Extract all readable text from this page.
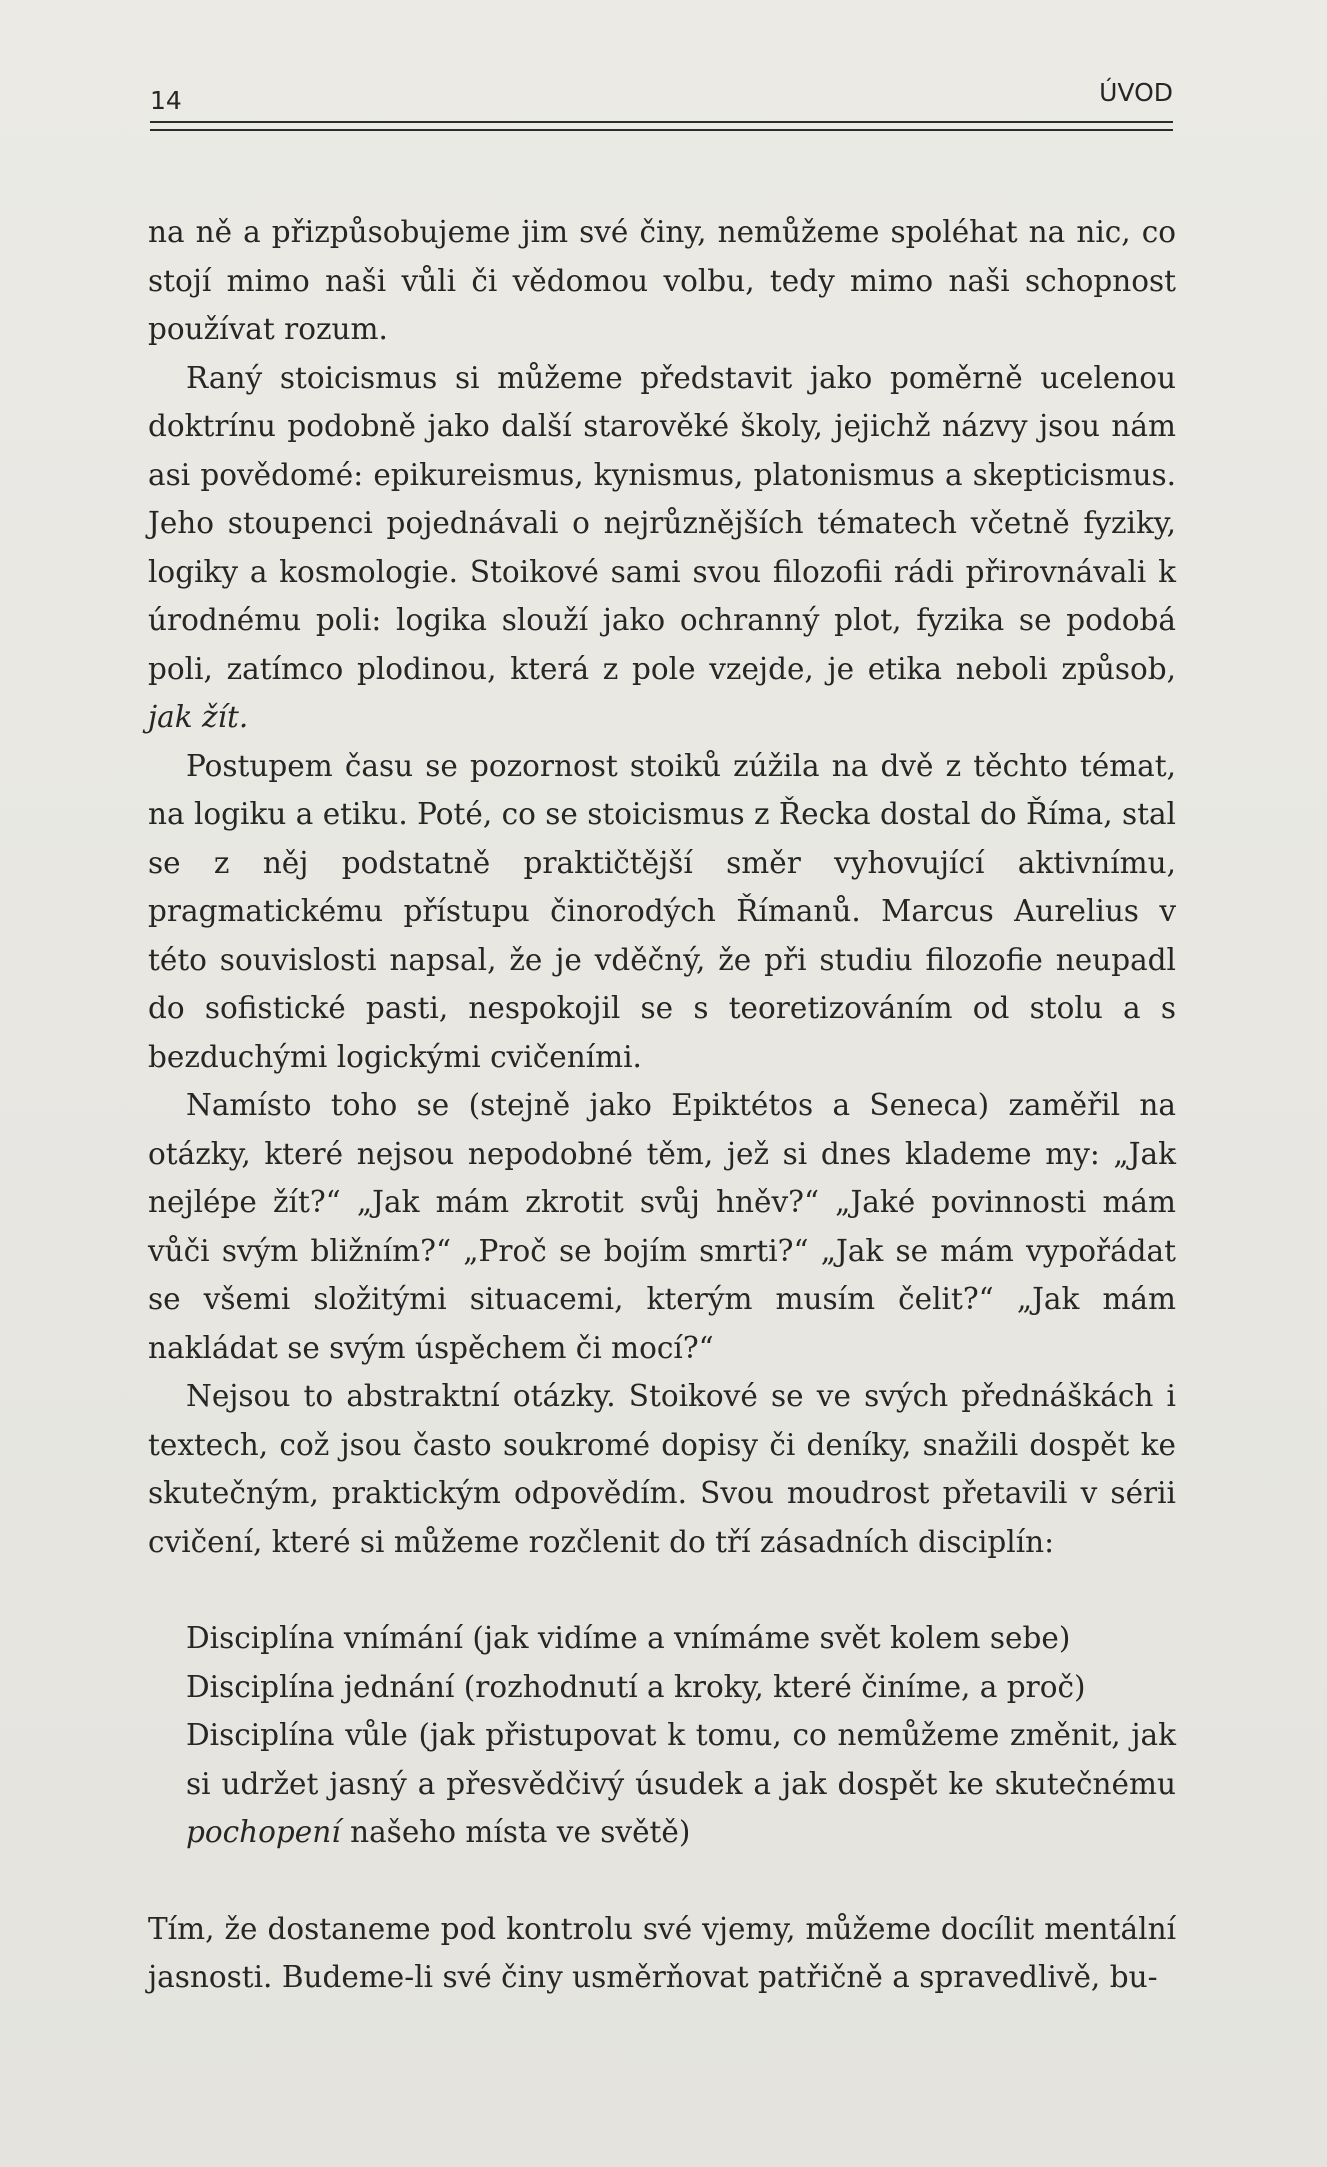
14	ÚVOD

na ně a přizpůsobujeme jim své činy, nemůžeme spoléhat na nic, co stojí mimo naši vůli či vědomou volbu, tedy mimo naši schopnost používat rozum.

Raný stoicismus si můžeme představit jako poměrně ucelenou doktrínu podobně jako další starověké školy, jejichž názvy jsou nám asi povědomé: epikureismus, kynismus, platonismus a skepticismus. Jeho stoupenci pojednávali o nejrůznějších tématech včetně fyziky, logiky a kosmologie. Stoikové sami svou filozofii rádi přirovnávali k úrodnému poli: logika slouží jako ochranný plot, fyzika se podobá poli, zatímco plodinou, která z pole vzejde, je etika neboli způsob, jak žít.

Postupem času se pozornost stoiků zúžila na dvě z těchto témat, na logiku a etiku. Poté, co se stoicismus z Řecka dostal do Říma, stal se z něj podstatně praktičtější směr vyhovující aktivnímu, pragmatickému přístupu činorodých Římanů. Marcus Aurelius v této souvislosti napsal, že je vděčný, že při studiu filozofie neupadl do sofistické pasti, nespokojil se s teoretizováním od stolu a s bezduchými logickými cvičeními.

Namísto toho se (stejně jako Epiktétos a Seneca) zaměřil na otázky, které nejsou nepodobné těm, jež si dnes klademe my: „Jak nejlépe žít?“ „Jak mám zkrotit svůj hněv?“ „Jaké povinnosti mám vůči svým bližním?“ „Proč se bojím smrti?“ „Jak se mám vypořádat se všemi složitými situacemi, kterým musím čelit?“ „Jak mám nakládat se svým úspěchem či mocí?“

Nejsou to abstraktní otázky. Stoikové se ve svých přednáškách i textech, což jsou často soukromé dopisy či deníky, snažili dospět ke skutečným, praktickým odpovědím. Svou moudrost přetavili v sérii cvičení, které si můžeme rozčlenit do tří zásadních disciplín:

Disciplína vnímání (jak vidíme a vnímáme svět kolem sebe)
Disciplína jednání (rozhodnutí a kroky, které činíme, a proč)
Disciplína vůle (jak přistupovat k tomu, co nemůžeme změnit, jak si udržet jasný a přesvědčivý úsudek a jak dospět ke skutečnému pochopení našeho místa ve světě)

Tím, že dostaneme pod kontrolu své vjemy, můžeme docílit mentální jasnosti. Budeme-li své činy usměrňovat patřičně a spravedlivě, bu-
